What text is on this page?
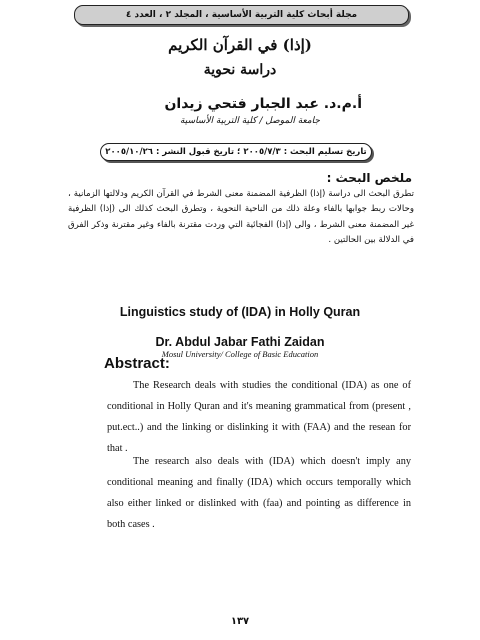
مجلة أبحاث كلية التربية الأساسية ، المجلد ٢ ، العدد ٤
(إذا) في القرآن الكريم
دراسة نحوية
أ.م.د. عبد الجبار فتحي زيدان
جامعة الموصل / كلية التربية الأساسية
تاريخ تسليم البحث : ٢٠٠٥/٧/٣ ؛ تاريخ قبول النشر : ٢٠٠٥/١٠/٢٦
ملخص البحث :
تطرق البحث الى دراسة (إذا) الظرفية المضمنة معنى الشرط في القرآن الكريم ودلالتها الزمانية ، وحالات ربط جوابها بالفاء وعلة ذلك من الناحية النحوية ، وتطرق البحث كذلك الى (إذا) الظرفية غير المضمنة معنى الشرط ، والى (إذا) الفجائية التي وردت مقترنة بالفاء وغير مقترنة وذكر الفرق في الدلالة بين الحالتين .
Linguistics study of (IDA) in Holly Quran
Dr. Abdul Jabar Fathi Zaidan
Mosul University/ College of Basic Education
Abstract:
The Research deals with studies the conditional (IDA) as one of conditional in Holly Quran and it's meaning grammatical from (present , put.ect..) and the linking or dislinking it with (FAA) and the resean for that .
The research also deals with (IDA) which doesn't imply any conditional meaning and finally (IDA) which occurs temporally which also either linked or dislinked with (faa) and pointing as difference in both cases .
١٣٧
